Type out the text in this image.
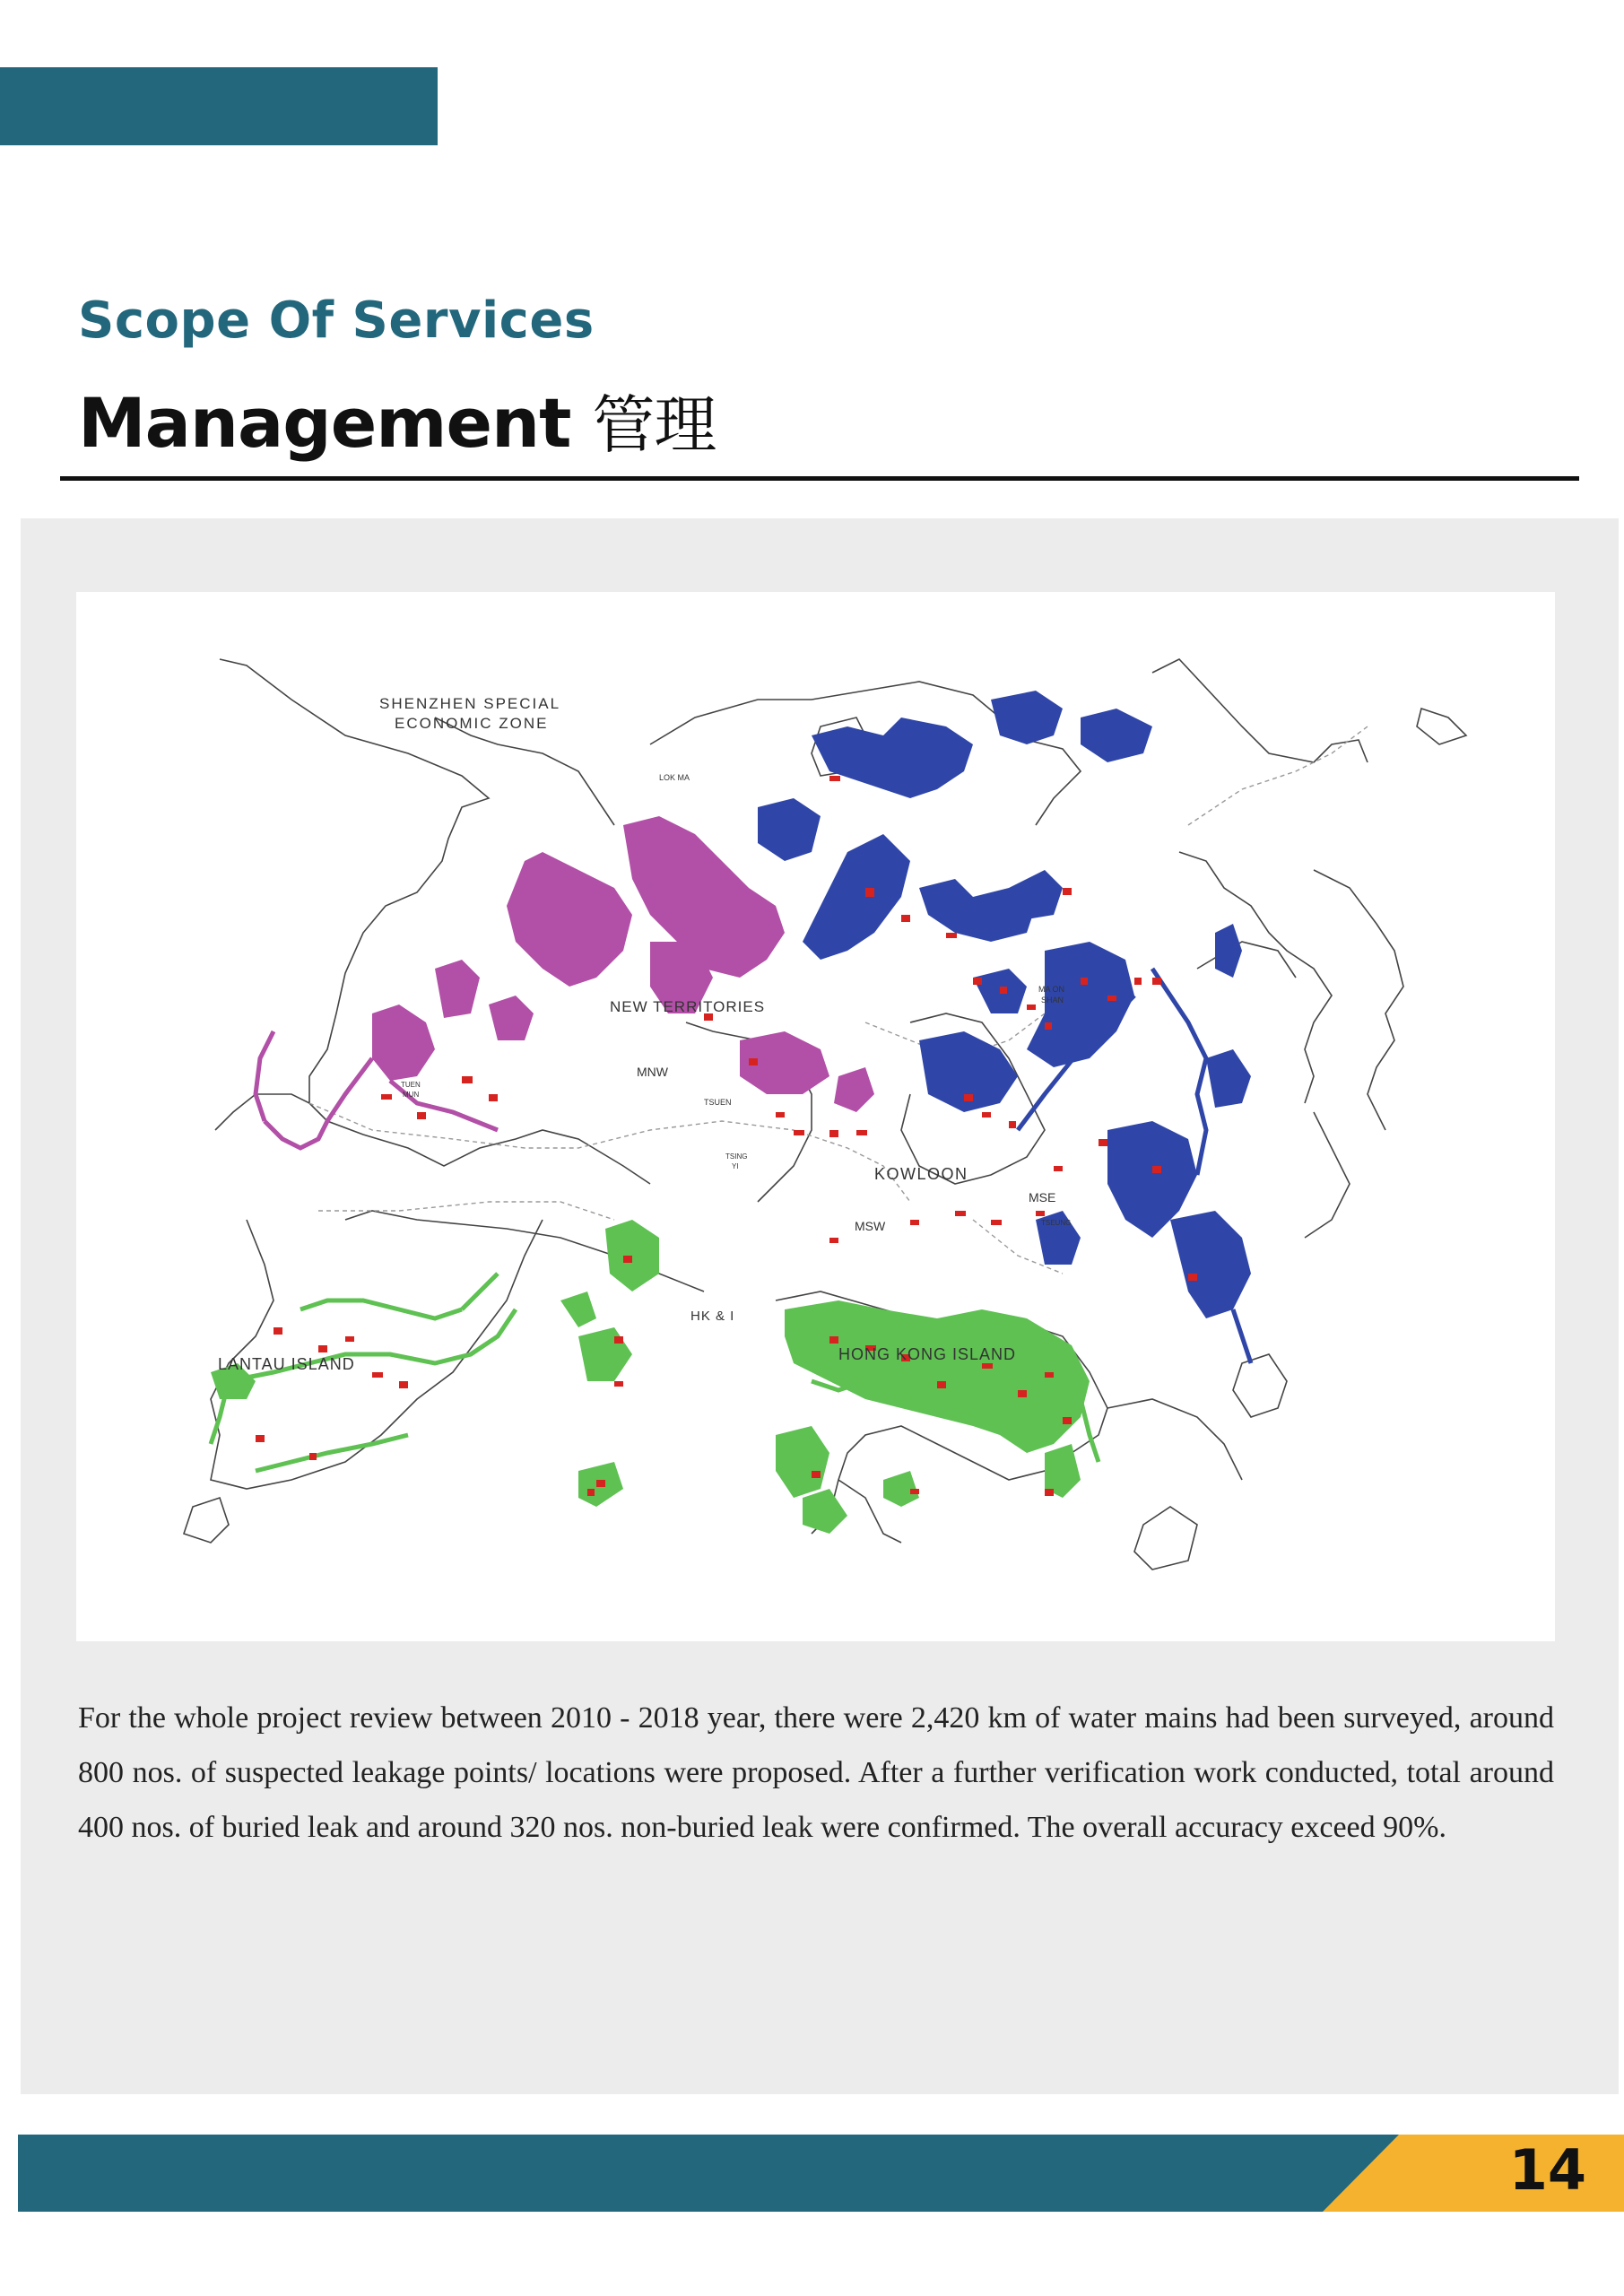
Scope Of Services
Management 管理
SHENZHEN SPECIAL
ECONOMIC ZONE
LOK MA
NEW TERRITORIES
MNW
TUEN
MUN
TSUEN
TSING
YI
MA ON
SHAN
KOWLOON
MSW
MSE
TSEUNG
HK & I
LANTAU ISLAND
HONG KONG ISLAND

For the whole project review between 2010 - 2018 year, there were 2,420 km of water mains had been surveyed, around 800 nos. of suspected leakage points/ locations were proposed. After a further verification work conducted, total around 400 nos. of buried leak and around 320 nos. non-buried leak were confirmed. The overall accuracy exceed 90%.

14
